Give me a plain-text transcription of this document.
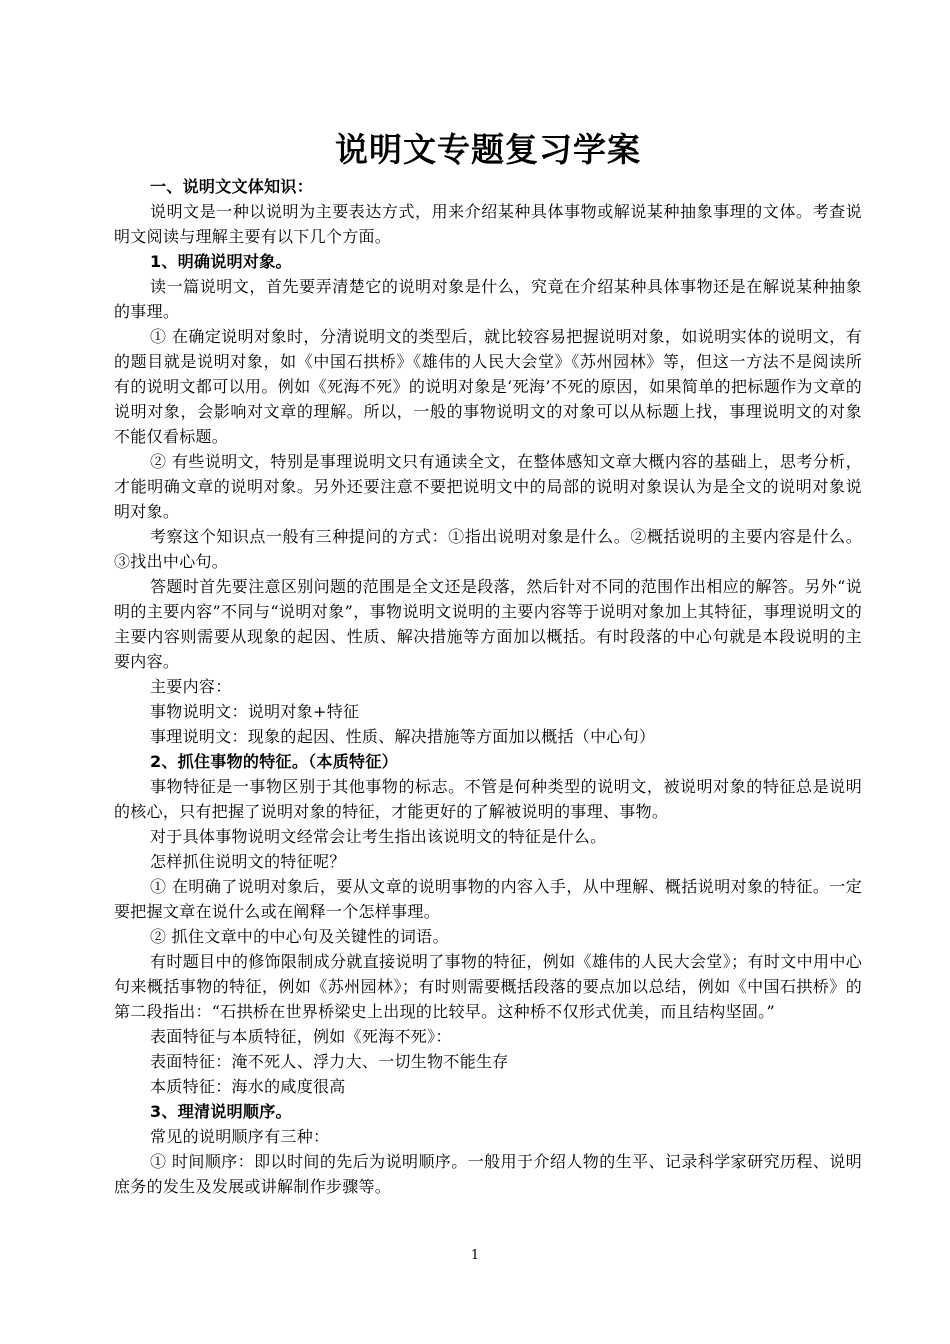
说明文专题复习学案

一、说明文文体知识：

说明文是一种以说明为主要表达方式，用来介绍某种具体事物或解说某种抽象事理的文体。考查说明文阅读与理解主要有以下几个方面。

1、明确说明对象。

读一篇说明文，首先要弄清楚它的说明对象是什么，究竟在介绍某种具体事物还是在解说某种抽象的事理。

① 在确定说明对象时，分清说明文的类型后，就比较容易把握说明对象，如说明实体的说明文，有的题目就是说明对象，如《中国石拱桥》《雄伟的人民大会堂》《苏州园林》等，但这一方法不是阅读所有的说明文都可以用。例如《死海不死》的说明对象是‘死海’不死的原因，如果简单的把标题作为文章的说明对象，会影响对文章的理解。所以，一般的事物说明文的对象可以从标题上找，事理说明文的对象不能仅看标题。

② 有些说明文，特别是事理说明文只有通读全文，在整体感知文章大概内容的基础上，思考分析，才能明确文章的说明对象。另外还要注意不要把说明文中的局部的说明对象误认为是全文的说明对象说明对象。

考察这个知识点一般有三种提问的方式：①指出说明对象是什么。②概括说明的主要内容是什么。③找出中心句。

答题时首先要注意区别问题的范围是全文还是段落，然后针对不同的范围作出相应的解答。另外“说明的主要内容”不同与“说明对象”，事物说明文说明的主要内容等于说明对象加上其特征，事理说明文的主要内容则需要从现象的起因、性质、解决措施等方面加以概括。有时段落的中心句就是本段说明的主要内容。

主要内容：

事物说明文：说明对象+特征

事理说明文：现象的起因、性质、解决措施等方面加以概括（中心句）

2、抓住事物的特征。（本质特征）

事物特征是一事物区别于其他事物的标志。不管是何种类型的说明文，被说明对象的特征总是说明的核心，只有把握了说明对象的特征，才能更好的了解被说明的事理、事物。

对于具体事物说明文经常会让考生指出该说明文的特征是什么。

怎样抓住说明文的特征呢？

① 在明确了说明对象后，要从文章的说明事物的内容入手，从中理解、概括说明对象的特征。一定要把握文章在说什么或在阐释一个怎样事理。

② 抓住文章中的中心句及关键性的词语。

有时题目中的修饰限制成分就直接说明了事物的特征，例如《雄伟的人民大会堂》；有时文中用中心句来概括事物的特征，例如《苏州园林》；有时则需要概括段落的要点加以总结，例如《中国石拱桥》的第二段指出：“石拱桥在世界桥梁史上出现的比较早。这种桥不仅形式优美，而且结构坚固。”

表面特征与本质特征，例如《死海不死》：

表面特征：淹不死人、浮力大、一切生物不能生存

本质特征：海水的咸度很高

3、理清说明顺序。

常见的说明顺序有三种：

① 时间顺序：即以时间的先后为说明顺序。一般用于介绍人物的生平、记录科学家研究历程、说明庶务的发生及发展或讲解制作步骤等。

1
